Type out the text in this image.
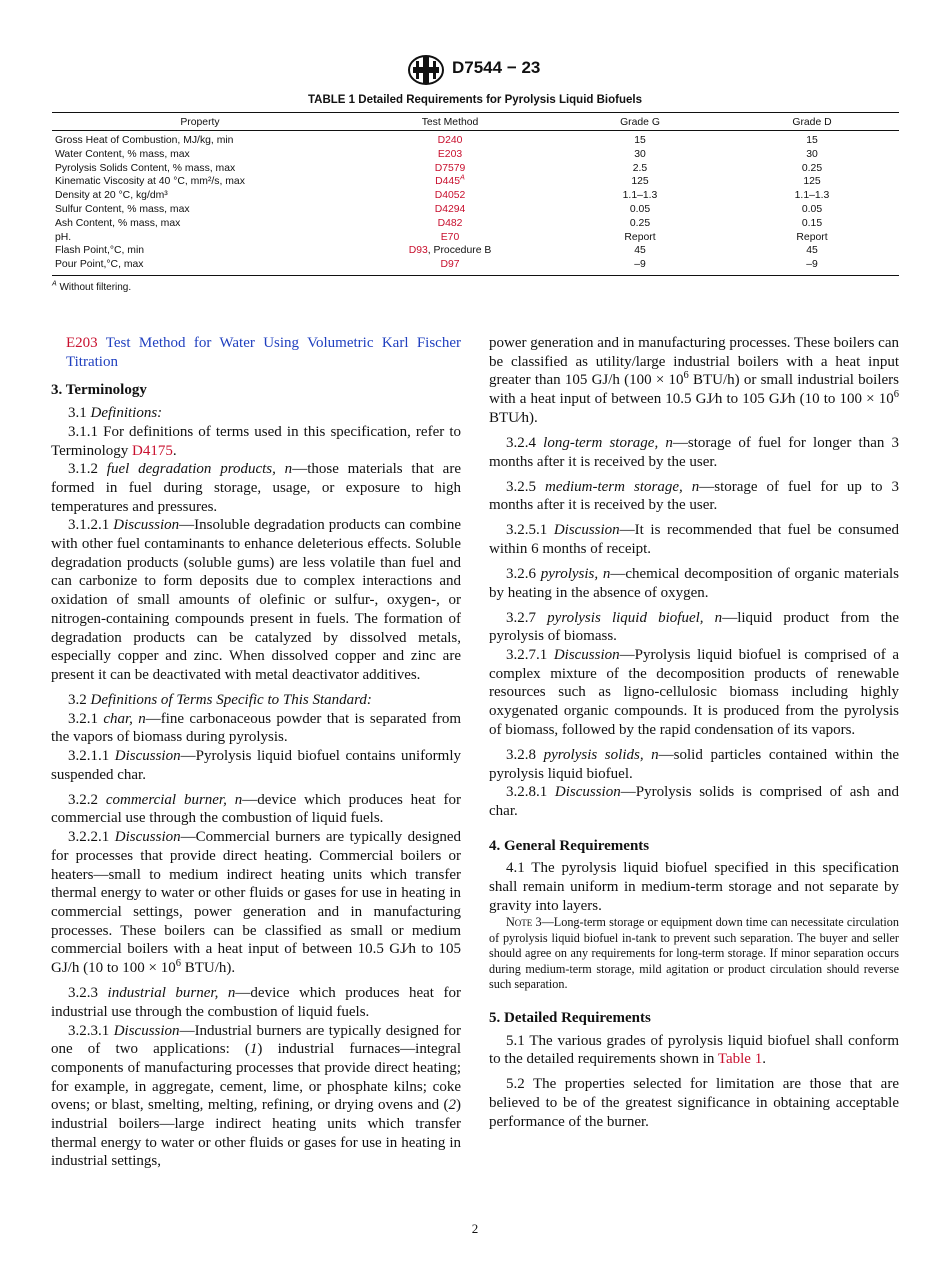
D7544 − 23
TABLE 1 Detailed Requirements for Pyrolysis Liquid Biofuels
Property	Test Method	Grade G	Grade D
Gross Heat of Combustion, MJ/kg, min	D240	15	15
Water Content, % mass, max	E203	30	30
Pyrolysis Solids Content, % mass, max	D7579	2.5	0.25
Kinematic Viscosity at 40 °C, mm²/s, max	$D445^A$	125	125
Density at 20 °C, kg/dm³	D4052	1.1–1.3	1.1–1.3
Sulfur Content, % mass, max	D4294	0.05	0.05
Ash Content, % mass, max	D482	0.25	0.15
pH.	E70	Report	Report
Flash Point,°C, min	D93, Procedure B	45	45
Pour Point,°C, max	D97	–9	–9
$^A$ Without filtering.

E203 Test Method for Water Using Volumetric Karl Fischer Titration

3. Terminology

3.1 Definitions:

3.1.1 For definitions of terms used in this specification, refer to Terminology D4175.

3.1.2 fuel degradation products, n—those materials that are formed in fuel during storage, usage, or exposure to high temperatures and pressures.

3.1.2.1 Discussion—Insoluble degradation products can combine with other fuel contaminants to enhance deleterious effects. Soluble degradation products (soluble gums) are less volatile than fuel and can carbonize to form deposits due to complex interactions and oxidation of small amounts of olefinic or sulfur-, oxygen-, or nitrogen-containing compounds present in fuels. The formation of degradation products can be catalyzed by dissolved metals, especially copper and zinc. When dissolved copper and zinc are present it can be deactivated with metal deactivator additives.

3.2 Definitions of Terms Specific to This Standard:

3.2.1 char, n—fine carbonaceous powder that is separated from the vapors of biomass during pyrolysis.

3.2.1.1 Discussion—Pyrolysis liquid biofuel contains uniformly suspended char.

3.2.2 commercial burner, n—device which produces heat for commercial use through the combustion of liquid fuels.

3.2.2.1 Discussion—Commercial burners are typically designed for processes that provide direct heating. Commercial boilers or heaters—small to medium indirect heating units which transfer thermal energy to water or other fluids or gases for use in heating in commercial settings, power generation and in manufacturing processes. These boilers can be classified as small or medium commercial boilers with a heat input of between 10.5 GJ⁄h to 105 GJ/h (10 to $100 \times 10^6$ BTU/h).

3.2.3 industrial burner, n—device which produces heat for industrial use through the combustion of liquid fuels.

3.2.3.1 Discussion—Industrial burners are typically designed for one of two applications: (1) industrial furnaces—integral components of manufacturing processes that provide direct heating; for example, in aggregate, cement, lime, or phosphate kilns; coke ovens; or blast, smelting, melting, refining, or drying ovens and (2) industrial boilers—large indirect heating units which transfer thermal energy to water or other fluids or gases for use in heating in industrial settings,

power generation and in manufacturing processes. These boilers can be classified as utility/large industrial boilers with a heat input greater than 105 GJ/h ($100 \times 10^6$ BTU/h) or small industrial boilers with a heat input of between 10.5 GJ⁄h to 105 GJ⁄h (10 to $100 \times 10^6$ BTU⁄h).

3.2.4 long-term storage, n—storage of fuel for longer than 3 months after it is received by the user.

3.2.5 medium-term storage, n—storage of fuel for up to 3 months after it is received by the user.

3.2.5.1 Discussion—It is recommended that fuel be consumed within 6 months of receipt.

3.2.6 pyrolysis, n—chemical decomposition of organic materials by heating in the absence of oxygen.

3.2.7 pyrolysis liquid biofuel, n—liquid product from the pyrolysis of biomass.

3.2.7.1 Discussion—Pyrolysis liquid biofuel is comprised of a complex mixture of the decomposition products of renewable resources such as ligno-cellulosic biomass including highly oxygenated organic compounds. It is produced from the pyrolysis of biomass, followed by the rapid condensation of its vapors.

3.2.8 pyrolysis solids, n—solid particles contained within the pyrolysis liquid biofuel.

3.2.8.1 Discussion—Pyrolysis solids is comprised of ash and char.

4. General Requirements

4.1 The pyrolysis liquid biofuel specified in this specification shall remain uniform in medium-term storage and not separate by gravity into layers.

Note 3—Long-term storage or equipment down time can necessitate circulation of pyrolysis liquid biofuel in-tank to prevent such separation. The buyer and seller should agree on any requirements for long-term storage. If minor separation occurs during medium-term storage, mild agitation or product circulation should reverse such separation.

5. Detailed Requirements

5.1 The various grades of pyrolysis liquid biofuel shall conform to the detailed requirements shown in Table 1.

5.2 The properties selected for limitation are those that are believed to be of the greatest significance in obtaining acceptable performance of the burner.

2
